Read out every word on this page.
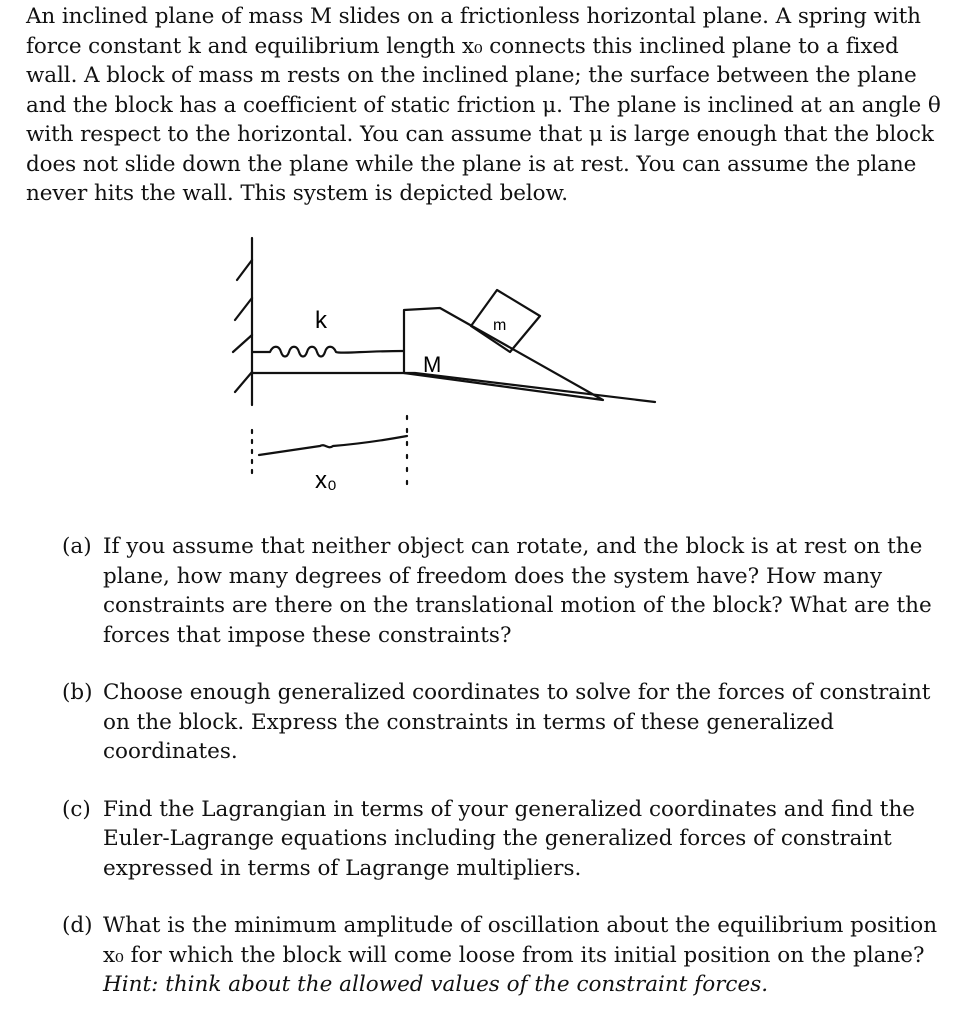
An inclined plane of mass M slides on a frictionless horizontal plane. A spring with
force constant k and equilibrium length x₀ connects this inclined plane to a fixed
wall. A block of mass m rests on the inclined plane; the surface between the plane
and the block has a coefficient of static friction μ. The plane is inclined at an angle θ
with respect to the horizontal. You can assume that μ is large enough that the block
does not slide down the plane while the plane is at rest. You can assume the plane
never hits the wall. This system is depicted below.
k
M
m
x₀
(a) If you assume that neither object can rotate, and the block is at rest on the
plane, how many degrees of freedom does the system have? How many
constraints are there on the translational motion of the block? What are the
forces that impose these constraints?
(b) Choose enough generalized coordinates to solve for the forces of constraint
on the block. Express the constraints in terms of these generalized
coordinates.
(c) Find the Lagrangian in terms of your generalized coordinates and find the
Euler-Lagrange equations including the generalized forces of constraint
expressed in terms of Lagrange multipliers.
(d) What is the minimum amplitude of oscillation about the equilibrium position
x₀ for which the block will come loose from its initial position on the plane?
Hint: think about the allowed values of the constraint forces.
